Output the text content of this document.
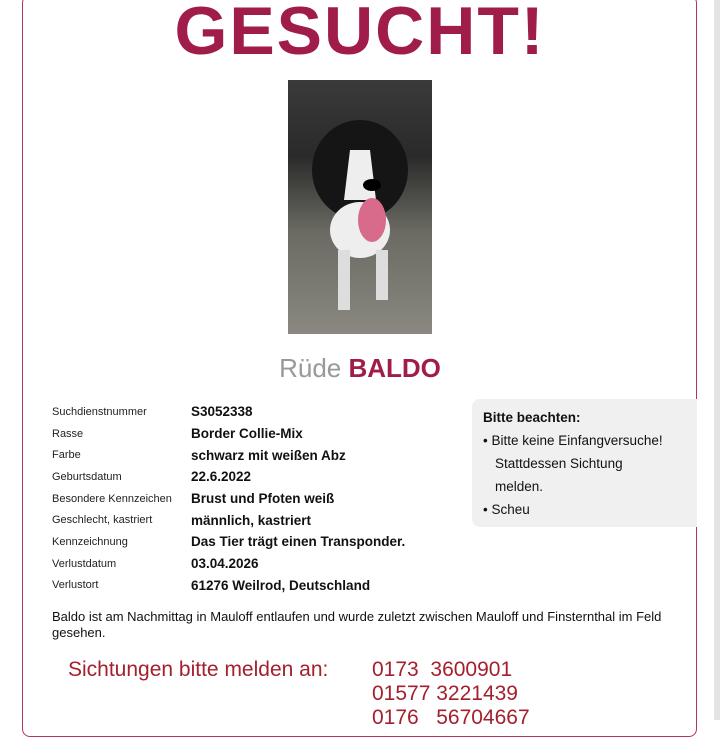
GESUCHT!
Rüde BALDO
Suchdienstnummer	S3052338
Rasse	Border Collie-Mix
Farbe	schwarz mit weißen Abz
Geburtsdatum	22.6.2022
Besondere Kennzeichen	Brust und Pfoten weiß
Geschlecht, kastriert	männlich, kastriert
Kennzeichnung	Das Tier trägt einen Transponder.
Verlustdatum	03.04.2026
Verlustort	61276 Weilrod, Deutschland
Bitte beachten:
• Bitte keine Einfangversuche!
Stattdessen Sichtung
melden.
• Scheu
Baldo ist am Nachmittag in Mauloff entlaufen und wurde zuletzt zwischen Mauloff und Finsternthal im Feld gesehen.
Sichtungen bitte melden an: 0173  3600901
01577 3221439
0176   56704667
